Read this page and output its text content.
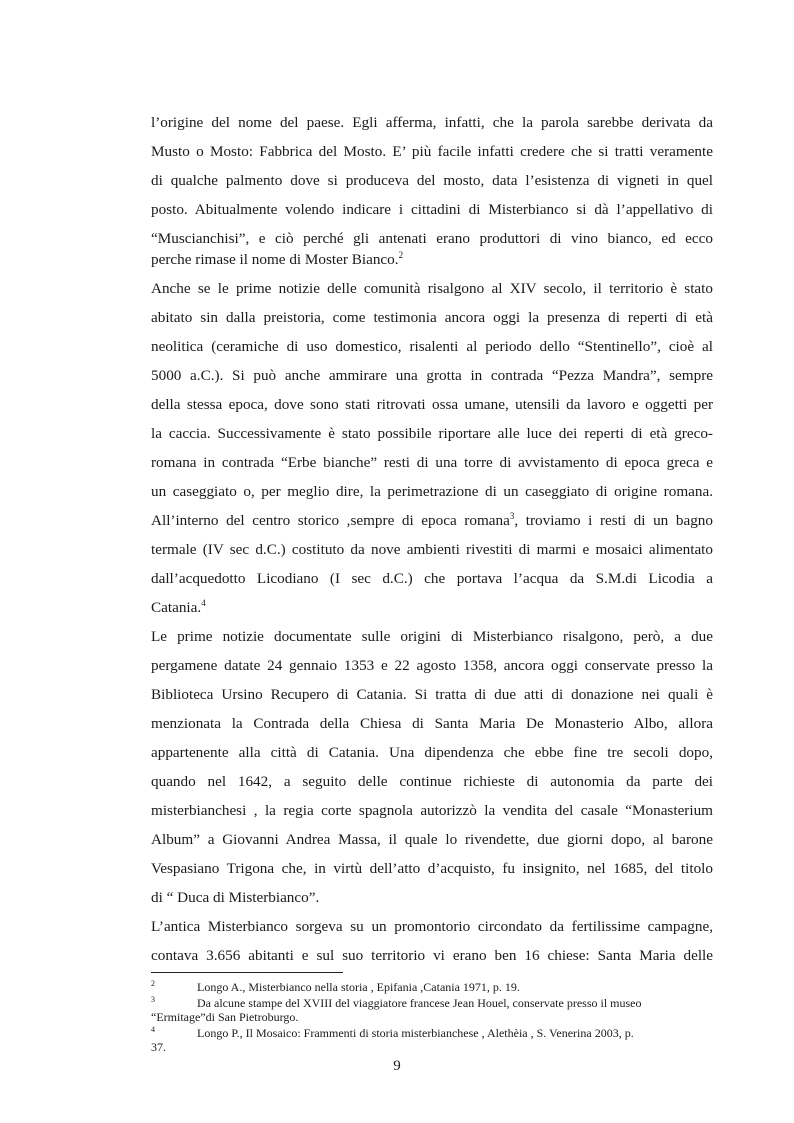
l’origine del nome del paese. Egli afferma, infatti, che la parola sarebbe derivata da
Musto o Mosto: Fabbrica del Mosto. E’ più facile infatti credere che si tratti veramente
di qualche palmento dove si produceva del mosto, data l’esistenza di vigneti in quel
posto. Abitualmente volendo indicare i cittadini di Misterbianco si dà l’appellativo di
“Muscianchisi”, e ciò perché gli antenati erano produttori di vino bianco, ed ecco
perche rimase il nome di Moster Bianco.$^2$
Anche se le prime notizie delle comunità risalgono al XIV secolo, il territorio è stato
abitato sin dalla preistoria, come testimonia ancora oggi la presenza di reperti di età
neolitica (ceramiche di uso domestico, risalenti al periodo dello “Stentinello”, cioè al
5000 a.C.). Si può anche ammirare una grotta in contrada “Pezza Mandra”, sempre
della stessa epoca, dove sono stati ritrovati ossa umane, utensili da lavoro e oggetti per
la caccia. Successivamente è stato possibile riportare alle luce dei reperti di età greco-
romana in contrada “Erbe bianche” resti di una torre di avvistamento di epoca greca e
un caseggiato o, per meglio dire, la perimetrazione di un caseggiato di origine romana.
All’interno del centro storico ,sempre di epoca romana$^3$, troviamo i resti di un bagno
termale (IV sec d.C.) costituto da nove ambienti rivestiti di marmi e mosaici alimentato
dall’acquedotto Licodiano (I sec d.C.) che portava l’acqua da S.M.di Licodia a
Catania.$^4$
Le prime notizie documentate sulle origini di Misterbianco risalgono, però, a due
pergamene datate 24 gennaio 1353 e 22 agosto 1358, ancora oggi conservate presso la
Biblioteca Ursino Recupero di Catania. Si tratta di due atti di donazione nei quali è
menzionata la Contrada della Chiesa di Santa Maria De Monasterio Albo, allora
appartenente alla città di Catania. Una dipendenza che ebbe fine tre secoli dopo,
quando nel 1642, a seguito delle continue richieste di autonomia da parte dei
misterbianchesi , la regia corte spagnola autorizzò la vendita del casale “Monasterium
Album” a Giovanni Andrea Massa, il quale lo rivendette, due giorni dopo, al barone
Vespasiano Trigona che, in virtù dell’atto d’acquisto, fu insignito, nel 1685, del titolo
di “ Duca di Misterbianco”.
L’antica Misterbianco sorgeva su un promontorio circondato da fertilissime campagne,
contava 3.656 abitanti e sul suo territorio vi erano ben 16 chiese: Santa Maria delle
2	Longo A., Misterbianco nella storia , Epifania ,Catania 1971, p. 19.
3	Da alcune stampe del XVIII del viaggiatore francese Jean Houel, conservate presso il museo
“Ermitage”di San Pietroburgo.
4	Longo P., Il Mosaico: Frammenti di storia misterbianchese , Alethèia , S. Venerina 2003, p.
37.
9
